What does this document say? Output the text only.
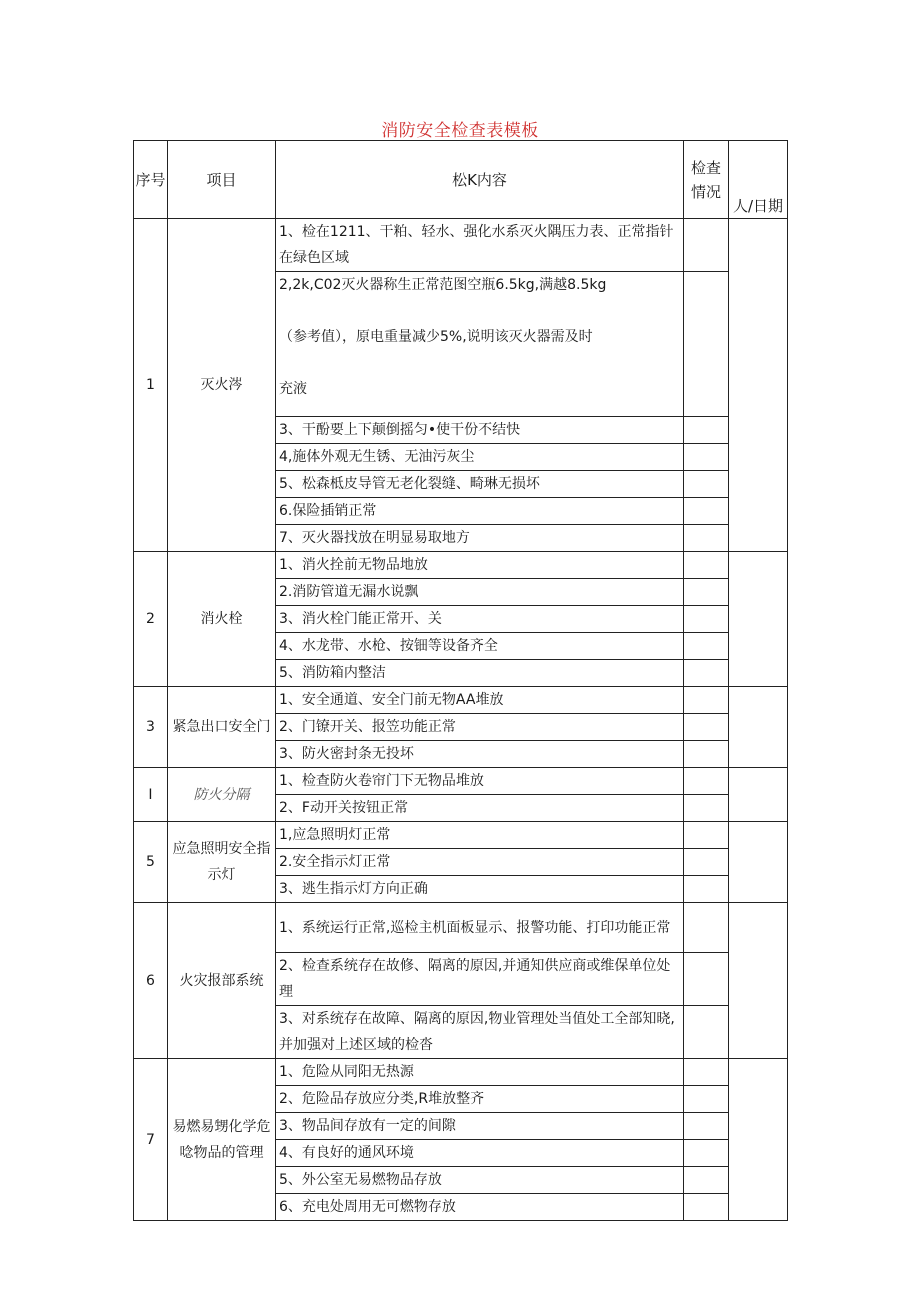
消防安全检查表模板
序号	项目	松K内容	检查情况	人/日期
1	灭火涔	1、检在1211、干粕、轻水、强化水系灭火隅压力表、正常指针在绿色区域		

		2,2k,C02灭火器称生正常范图空瓶6.5kg,满越8.5kg
（参考值），原电重量减少5%,说明该灭火器需及时
充液		

		3、干酚要上下颠倒摇匀•使干份不结快		
		4,施体外观无生锈、无油污灰尘		
		5、松森柢皮导管无老化裂缝、畸琳无损坏		
		6.保险插销正常		
		7、灭火器找放在明显易取地方		
2	消火栓	1、消火拴前无物品地放		
		2.消防管道无漏水说飘		
		3、消火栓门能正常开、关		
		4、水龙带、水枪、按钿等设备齐全		
		5、消防箱内整洁		
3	紧急出口安全门	1、安全通道、安全门前无物AA堆放		
		2、门镣开关、报笠功能正常		
		3、防火密封条无投坏		
I	防火分隔	1、检查防火卷帘门下无物品堆放		
		2、F动开关按钮正常		
5	应急照明安全指示灯	1,应急照明灯正常		
		2.安全指示灯正常		
		3、逃生指示灯方向正确		
6	火灾报部系统	1、系统运行正常,巡检主机面板显示、报警功能、打印功能正常		
		2、检查系统存在故修、隔离的原因,并通知供应商或维保单位处理		
		3、对系统存在故障、隔离的原因,物业管理处当值处工全部知晓,并加强对上述区域的检沓		
7	易燃易甥化学危唸物品的管理	1、危险从同阳无热源		
		2、危险品存放应分类,R堆放整齐		
		3、物品间存放有一定的间隙		
		4、有良好的通风环境		
		5、外公室无易燃物品存放		
		6、充电处周用无可燃物存放		
